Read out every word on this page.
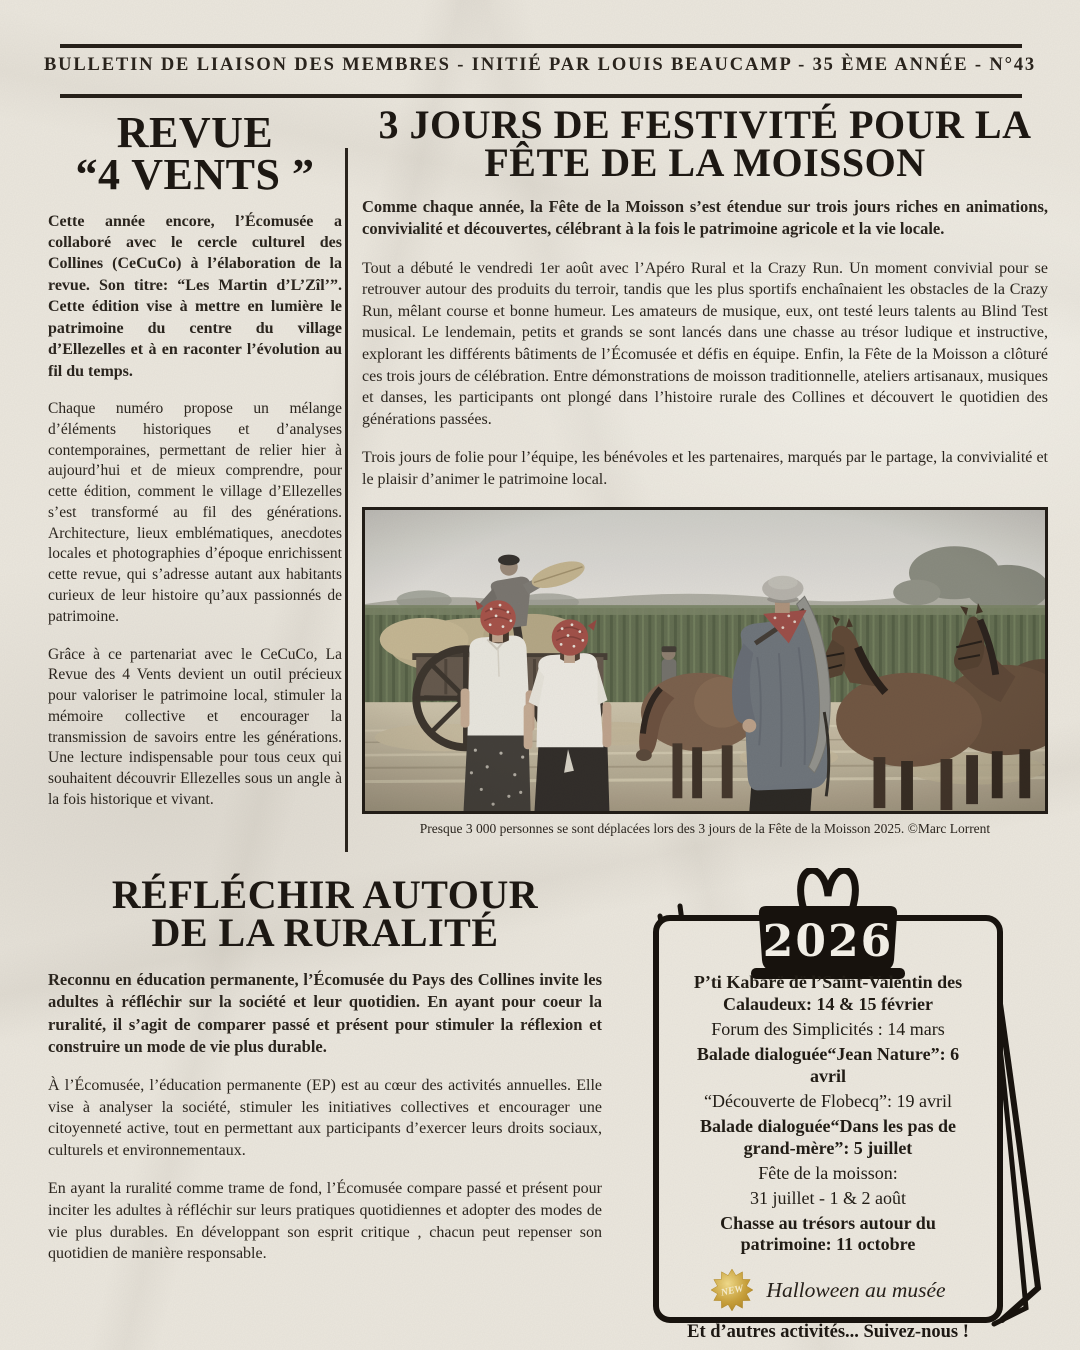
BULLETIN DE LIAISON DES MEMBRES - INITIÉ PAR LOUIS BEAUCAMP - 35 ÈME ANNÉE - N°43
REVUE
“4 VENTS ”

Cette année encore, l’Écomusée a collaboré avec le cercle culturel des Collines (CeCuCo) à l’élaboration de la revue. Son titre: “Les Martin d’L’Zîl’”. Cette édition vise à mettre en lumière le patrimoine du centre du village d’Ellezelles et à en raconter l’évolution au fil du temps.

Chaque numéro propose un mélange d’éléments historiques et d’analyses contemporaines, permettant de relier hier à aujourd’hui et de mieux comprendre, pour cette édition, comment le village d’Ellezelles s’est transformé au fil des générations. Architecture, lieux emblématiques, anecdotes locales et photographies d’époque enrichissent cette revue, qui s’adresse autant aux habitants curieux de leur histoire qu’aux passionnés de patrimoine.

Grâce à ce partenariat avec le CeCuCo, La Revue des 4 Vents devient un outil précieux pour valoriser le patrimoine local, stimuler la mémoire collective et encourager la transmission de savoirs entre les générations. Une lecture indispensable pour tous ceux qui souhaitent découvrir Ellezelles sous un angle à la fois historique et vivant.

3 JOURS DE FESTIVITÉ POUR LA
FÊTE DE LA MOISSON

Comme chaque année, la Fête de la Moisson s’est étendue sur trois jours riches en animations, convivialité et découvertes, célébrant à la fois le patrimoine agricole et la vie locale.

Tout a débuté le vendredi 1er août avec l’Apéro Rural et la Crazy Run. Un moment convivial pour se retrouver autour des produits du terroir, tandis que les plus sportifs enchaînaient les obstacles de la Crazy Run, mêlant course et bonne humeur. Les amateurs de musique, eux, ont testé leurs talents au Blind Test musical. Le lendemain, petits et grands se sont lancés dans une chasse au trésor ludique et instructive, explorant les différents bâtiments de l’Écomusée et défis en équipe. Enfin, la Fête de la Moisson a clôturé ces trois jours de célébration. Entre démonstrations de moisson traditionnelle, ateliers artisanaux, musiques et danses, les participants ont plongé dans l’histoire rurale des Collines et découvert le quotidien des générations passées.

Trois jours de folie pour l’équipe, les bénévoles et les partenaires, marqués par le partage, la convivialité et le plaisir d’animer le patrimoine local.

Presque 3 000 personnes se sont déplacées lors des 3 jours de la Fête de la Moisson 2025. ©Marc Lorrent
RÉFLÉCHIR AUTOUR
DE LA RURALITÉ

Reconnu en éducation permanente, l’Écomusée du Pays des Collines invite les adultes à réfléchir sur la société et leur quotidien. En ayant pour coeur la ruralité, il s’agit de comparer passé et présent pour stimuler la réflexion et construire un mode de vie plus durable.

À l’Écomusée, l’éducation permanente (EP) est au cœur des activités annuelles. Elle vise à analyser la société, stimuler les initiatives collectives et encourager une citoyenneté active, tout en permettant aux participants d’exercer leurs droits sociaux, culturels et environnementaux.

En ayant la ruralité comme trame de fond, l’Écomusée compare passé et présent pour inciter les adultes à réfléchir sur leurs pratiques quotidiennes et adopter des modes de vie plus durables. En développant son esprit critique , chacun peut repenser son quotidien de manière responsable.

2026
P’ti Kabarë dë l’Saint-Valentin des Calaudeux: 14 & 15 février
Forum des Simplicités : 14 mars
Balade dialoguée“Jean Nature”: 6 avril
“Découverte de Flobecq”: 19 avril
Balade dialoguée“Dans les pas de grand-mère”: 5 juillet
Fête de la moisson:
31 juillet - 1 & 2 août
Chasse au trésors autour du patrimoine: 11 octobre
NEW Halloween au musée
Et d’autres activités... Suivez-nous !
